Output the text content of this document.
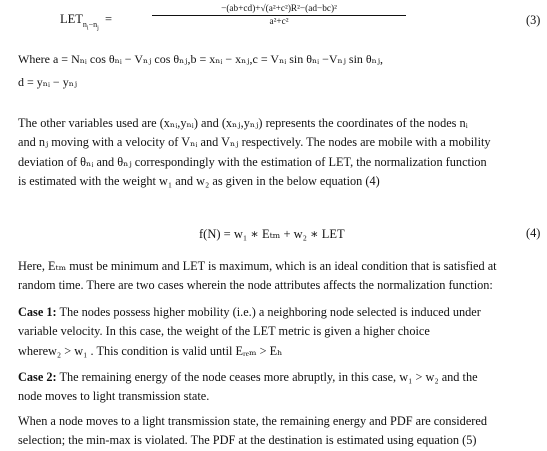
$LET_{n_i-n_j}$  =	$\frac{\text{−(ab+cd)+√(a²+c²)R²−(ad−bc)²}}{\text{a²+c²}}$	(3)
Where a = Nₙᵢ cos θₙᵢ − Vₙⱼ cos θₙⱼ,b = xₙᵢ − xₙⱼ,c = Vₙᵢ sin θₙᵢ −Vₙⱼ sin θₙⱼ,
d = yₙᵢ − yₙⱼ
The other variables used are (xₙᵢ,yₙᵢ) and (xₙⱼ,yₙⱼ) represents the coordinates of the nodes nᵢ
and nⱼ moving with a velocity of Vₙᵢ and Vₙⱼ respectively. The nodes are mobile with a mobility
deviation of θₙᵢ and θₙⱼ correspondingly with the estimation of LET, the normalization function
is estimated with the weight w₁ and w₂ as given in the below equation (4)
f(N) = w₁ ∗ Eₜₘ + w₂ ∗ LET	(4)
Here, Eₜₘ must be minimum and LET is maximum, which is an ideal condition that is satisfied at
random time. There are two cases wherein the node attributes affects the normalization function:
Case 1: The nodes possess higher mobility (i.e.) a neighboring node selected is induced under
variable velocity. In this case, the weight of the LET metric is given a higher choice
wherew₂ > w₁ . This condition is valid until Eᵣₑₘ > Eₕ
Case 2: The remaining energy of the node ceases more abruptly, in this case, w₁ > w₂ and the
node moves to light transmission state.
When a node moves to a light transmission state, the remaining energy and PDF are considered
selection; the min-max is violated. The PDF at the destination is estimated using equation (5)
